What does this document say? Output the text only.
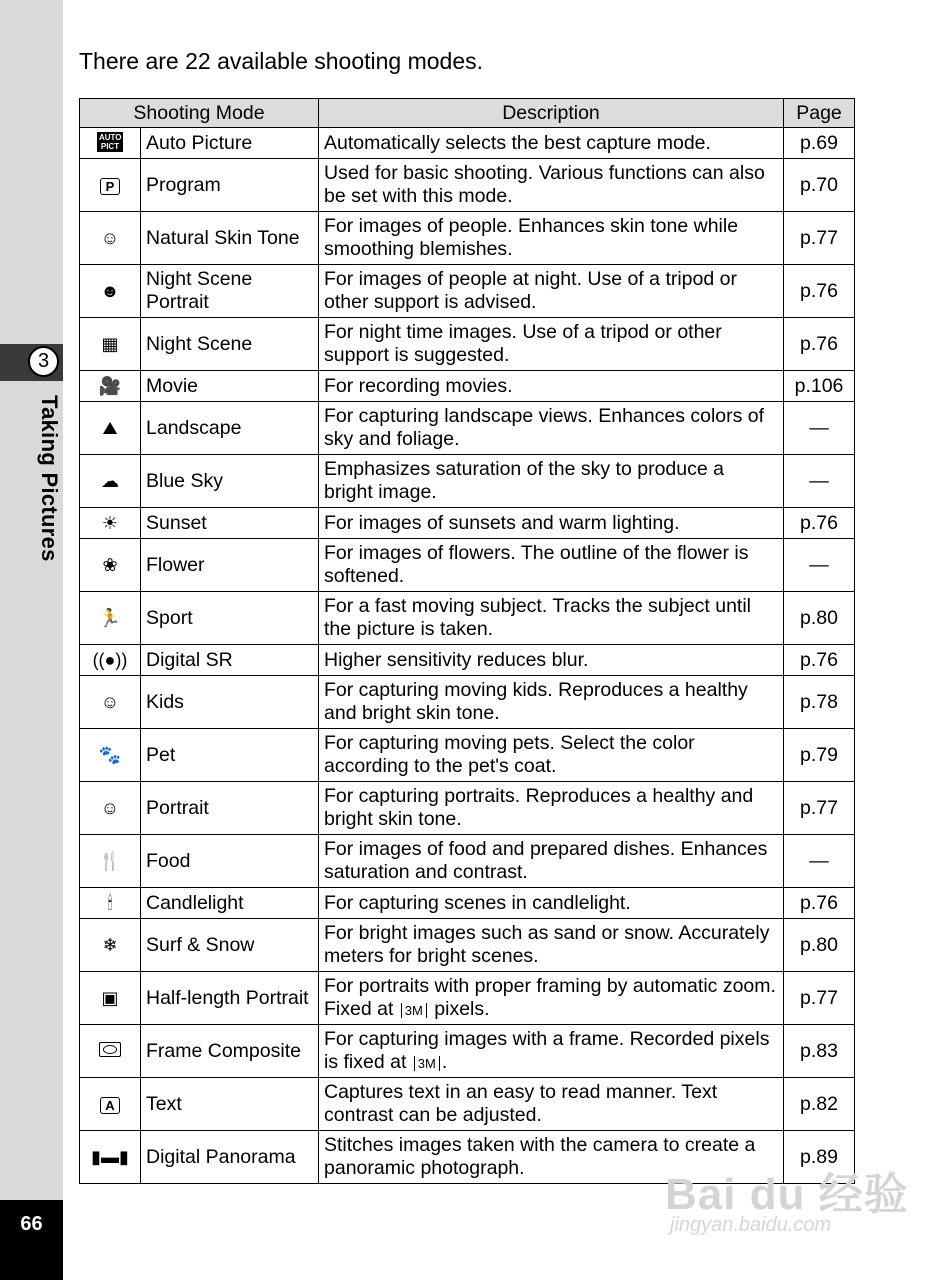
3
Taking Pictures
66
There are 22 available shooting modes.
Shooting Mode		Description	Page
AUTO PICT	Auto Picture	Automatically selects the best capture mode.	p.69
P	Program	Used for basic shooting. Various functions can also be set with this mode.	p.70
☺	Natural Skin Tone	For images of people. Enhances skin tone while smoothing blemishes.	p.77
☻	Night Scene Portrait	For images of people at night. Use of a tripod or other support is advised.	p.76
▦	Night Scene	For night time images. Use of a tripod or other support is suggested.	p.76
🎥	Movie	For recording movies.	p.106
⛰	Landscape	For capturing landscape views. Enhances colors of sky and foliage.	—
☁	Blue Sky	Emphasizes saturation of the sky to produce a bright image.	—
☀	Sunset	For images of sunsets and warm lighting.	p.76
❀	Flower	For images of flowers. The outline of the flower is softened.	—
🏃	Sport	For a fast moving subject. Tracks the subject until the picture is taken.	p.80
((●))	Digital SR	Higher sensitivity reduces blur.	p.76
☺	Kids	For capturing moving kids. Reproduces a healthy and bright skin tone.	p.78
🐾	Pet	For capturing moving pets. Select the color according to the pet's coat.	p.79
☺	Portrait	For capturing portraits. Reproduces a healthy and bright skin tone.	p.77
🍴	Food	For images of food and prepared dishes. Enhances saturation and contrast.	—
🕯	Candlelight	For capturing scenes in candlelight.	p.76
❄	Surf & Snow	For bright images such as sand or snow. Accurately meters for bright scenes.	p.80
▣	Half-length Portrait	For portraits with proper framing by automatic zoom. Fixed at 3M pixels.	p.77
	Frame Composite	For capturing images with a frame. Recorded pixels is fixed at 3M .	p.83
A	Text	Captures text in an easy to read manner. Text contrast can be adjusted.	p.82
▮▬▮	Digital Panorama	Stitches images taken with the camera to create a panoramic photograph.	p.89
Bai du 经验
jingyan.baidu.com
